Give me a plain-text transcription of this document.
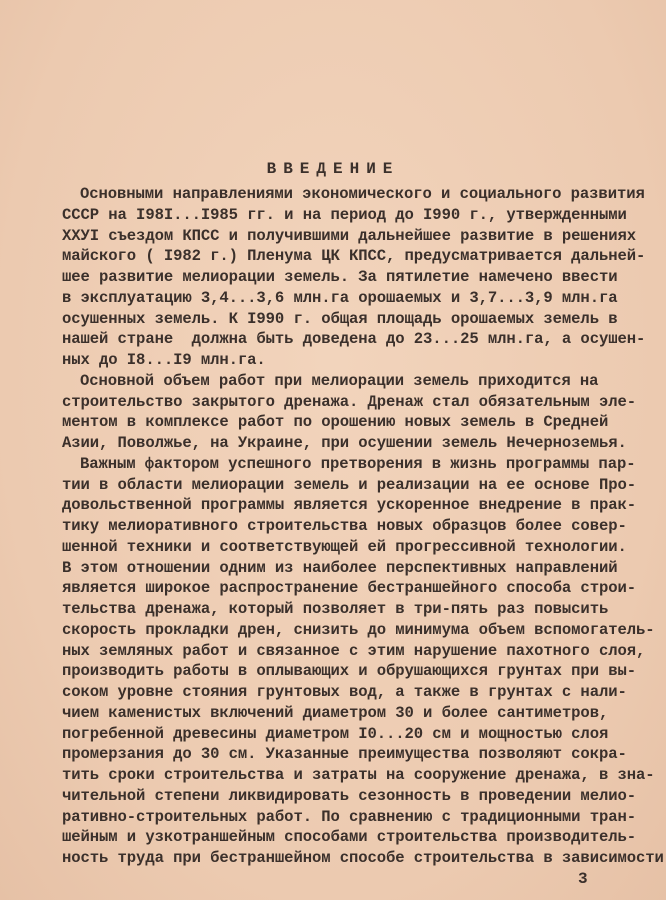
ВВЕДЕНИЕ
Основными направлениями экономического и социального развития
СССР на I98I...I985 гг. и на период до I990 г., утвержденными
ХХУI съездом КПСС и получившими дальнейшее развитие в решениях
майского ( I982 г.) Пленума ЦК КПСС, предусматривается дальней-
шее развитие мелиорации земель. За пятилетие намечено ввести
в эксплуатацию 3,4...3,6 млн.га орошаемых и 3,7...3,9 млн.га
осушенных земель. К I990 г. общая площадь орошаемых земель в
нашей стране  должна быть доведена до 23...25 млн.га, а осушен-
ных до I8...I9 млн.га.
Основной объем работ при мелиорации земель приходится на
строительство закрытого дренажа. Дренаж стал обязательным эле-
ментом в комплексе работ по орошению новых земель в Средней
Азии, Поволжье, на Украине, при осушении земель Нечерноземья.
Важным фактором успешного претворения в жизнь программы пар-
тии в области мелиорации земель и реализации на ее основе Про-
довольственной программы является ускоренное внедрение в прак-
тику мелиоративного строительства новых образцов более совер-
шенной техники и соответствующей ей прогрессивной технологии.
В этом отношении одним из наиболее перспективных направлений
является широкое распространение бестраншейного способа строи-
тельства дренажа, который позволяет в три-пять раз повысить
скорость прокладки дрен, снизить до минимума объем вспомогатель-
ных земляных работ и связанное с этим нарушение пахотного слоя,
производить работы в оплывающих и обрушающихся грунтах при вы-
соком уровне стояния грунтовых вод, а также в грунтах с нали-
чием каменистых включений диаметром 30 и более сантиметров,
погребенной древесины диаметром I0...20 см и мощностью слоя
промерзания до 30 см. Указанные преимущества позволяют сокра-
тить сроки строительства и затраты на сооружение дренажа, в зна-
чительной степени ликвидировать сезонность в проведении мелио-
ративно-строительных работ. По сравнению с традиционными тран-
шейным и узкотраншейным способами строительства производитель-
ность труда при бестраншейном способе строительства в зависимости
3
